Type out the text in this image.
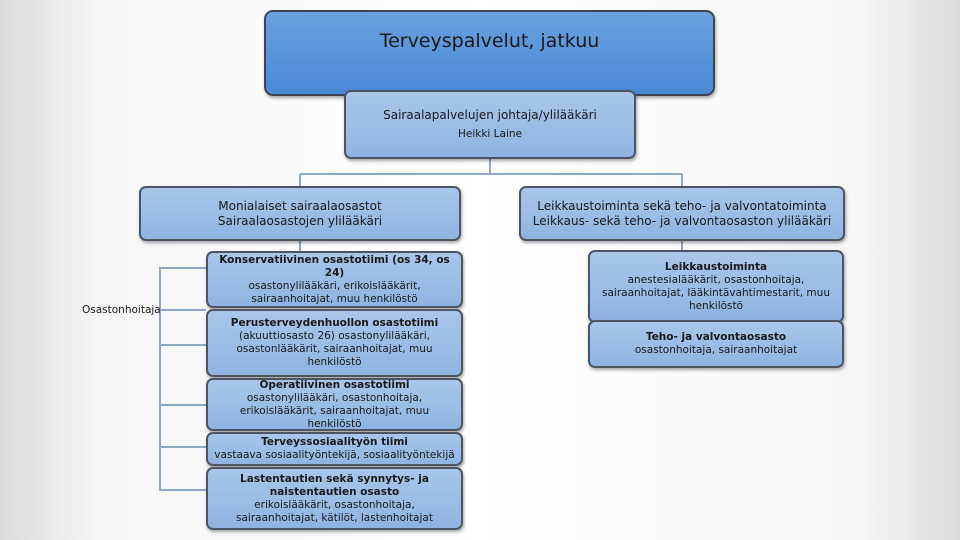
Terveyspalvelut, jatkuu
Sairaalapalvelujen johtaja/ylilääkäri
Heikki Laine
Monialaiset sairaalaosastot
Sairaalaosastojen ylilääkäri
Leikkaustoiminta sekä teho- ja valvontatoiminta
Leikkaus- sekä teho- ja valvontaosaston ylilääkäri
Osastonhoitaja
Konservatiivinen osastotiimi (os 34, os 24)
osastonylilääkäri, erikoislääkärit, sairaanhoitajat, muu henkilöstö
Perusterveydenhuollon osastotiimi
(akuuttiosasto 26) osastonylilääkäri, osastonlääkärit, sairaanhoitajat, muu henkilöstö
Operatiivinen osastotiimi
osastonylilääkäri, osastonhoitaja, erikoislääkärit, sairaanhoitajat, muu henkilöstö
Terveyssosiaalityön tiimi
vastaava sosiaalityöntekijä, sosiaalityöntekijä
Lastentautien sekä synnytys- ja naistentautien osasto
erikoislääkärit, osastonhoitaja, sairaanhoitajat, kätilöt, lastenhoitajat
Leikkaustoiminta
anestesialääkärit, osastonhoitaja, sairaanhoitajat, lääkintävahtimestarit, muu henkilöstö
Teho- ja valvontaosasto
osastonhoitaja, sairaanhoitajat
